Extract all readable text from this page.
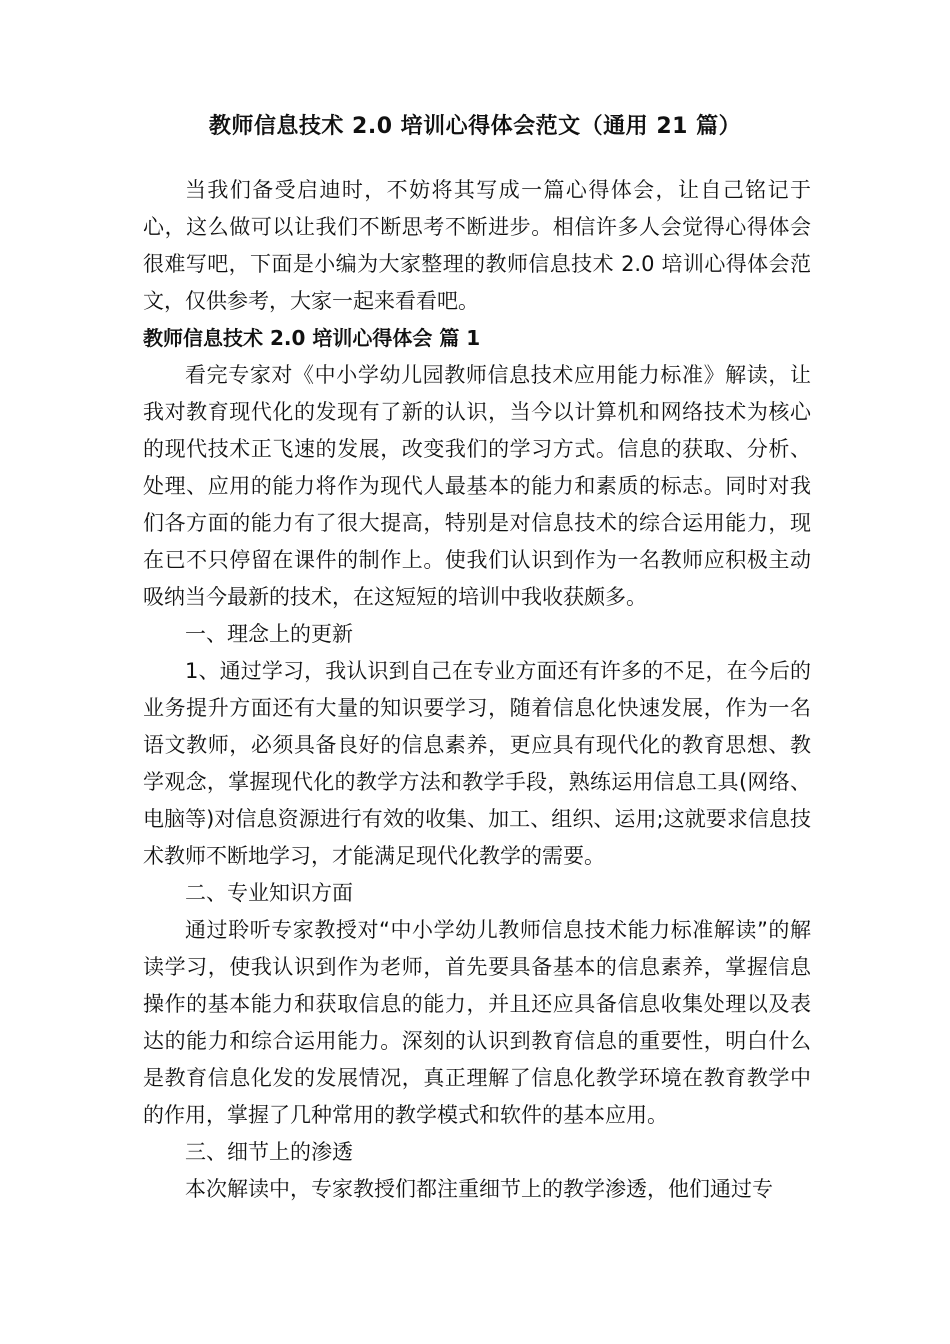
教师信息技术 2.0 培训心得体会范文（通用 21 篇）

当我们备受启迪时，不妨将其写成一篇心得体会，让自己铭记于心，这么做可以让我们不断思考不断进步。相信许多人会觉得心得体会很难写吧，下面是小编为大家整理的教师信息技术 2.0 培训心得体会范文，仅供参考，大家一起来看看吧。

教师信息技术 2.0 培训心得体会 篇 1

看完专家对《中小学幼儿园教师信息技术应用能力标准》解读，让我对教育现代化的发现有了新的认识，当今以计算机和网络技术为核心的现代技术正飞速的发展，改变我们的学习方式。信息的获取、分析、处理、应用的能力将作为现代人最基本的能力和素质的标志。同时对我们各方面的能力有了很大提高，特别是对信息技术的综合运用能力，现在已不只停留在课件的制作上。使我们认识到作为一名教师应积极主动吸纳当今最新的技术，在这短短的培训中我收获颇多。

一、理念上的更新

1、通过学习，我认识到自己在专业方面还有许多的不足，在今后的业务提升方面还有大量的知识要学习，随着信息化快速发展，作为一名语文教师，必须具备良好的信息素养，更应具有现代化的教育思想、教学观念，掌握现代化的教学方法和教学手段，熟练运用信息工具(网络、电脑等)对信息资源进行有效的收集、加工、组织、运用;这就要求信息技术教师不断地学习，才能满足现代化教学的需要。

二、专业知识方面

通过聆听专家教授对“中小学幼儿教师信息技术能力标准解读”的解读学习，使我认识到作为老师，首先要具备基本的信息素养，掌握信息操作的基本能力和获取信息的能力，并且还应具备信息收集处理以及表达的能力和综合运用能力。深刻的认识到教育信息的重要性，明白什么是教育信息化发的发展情况，真正理解了信息化教学环境在教育教学中的作用，掌握了几种常用的教学模式和软件的基本应用。

三、细节上的渗透

本次解读中，专家教授们都注重细节上的教学渗透，他们通过专
